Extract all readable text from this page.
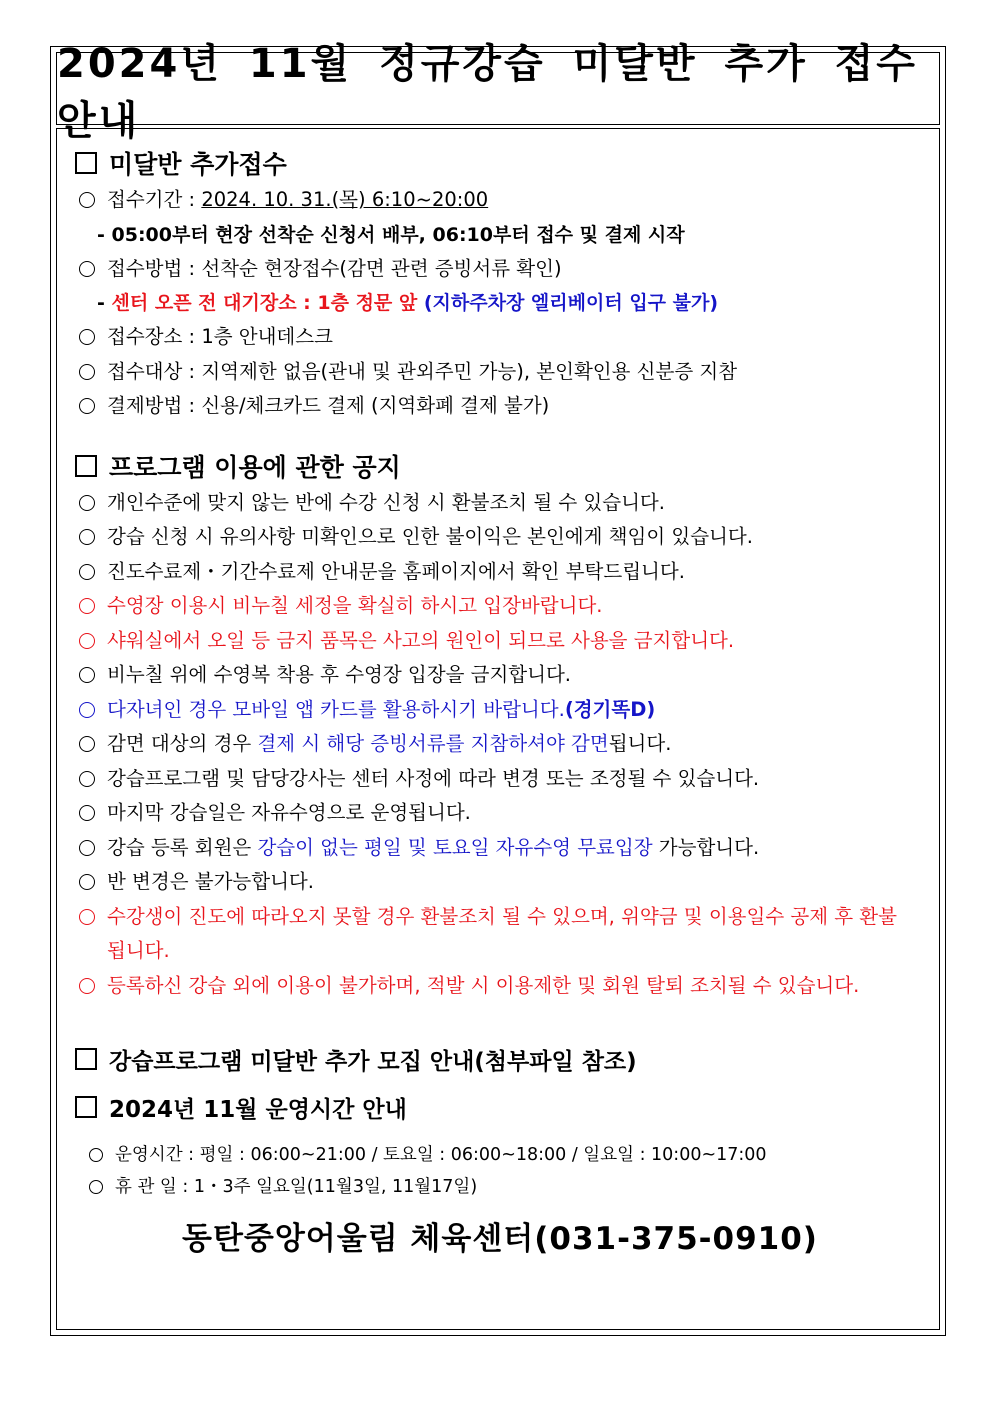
2024년 11월 정규강습 미달반 추가 접수 안내
미달반 추가접수
접수기간 : 2024. 10. 31.(목) 6:10~20:00
- 05:00부터 현장 선착순 신청서 배부, 06:10부터 접수 및 결제 시작
접수방법 : 선착순 현장접수(감면 관련 증빙서류 확인)
- 센터 오픈 전 대기장소 : 1층 정문 앞 (지하주차장 엘리베이터 입구 불가)
접수장소 : 1층 안내데스크
접수대상 : 지역제한 없음(관내 및 관외주민 가능), 본인확인용 신분증 지참
결제방법 : 신용/체크카드 결제 (지역화폐 결제 불가)
프로그램 이용에 관한 공지
개인수준에 맞지 않는 반에 수강 신청 시 환불조치 될 수 있습니다.
강습 신청 시 유의사항 미확인으로 인한 불이익은 본인에게 책임이 있습니다.
진도수료제・기간수료제 안내문을 홈페이지에서 확인 부탁드립니다.
수영장 이용시 비누칠 세정을 확실히 하시고 입장바랍니다.
샤워실에서 오일 등 금지 품목은 사고의 원인이 되므로 사용을 금지합니다.
비누칠 위에 수영복 착용 후 수영장 입장을 금지합니다.
다자녀인 경우 모바일 앱 카드를 활용하시기 바랍니다.(경기똑D)
감면 대상의 경우 결제 시 해당 증빙서류를 지참하셔야 감면됩니다.
강습프로그램 및 담당강사는 센터 사정에 따라 변경 또는 조정될 수 있습니다.
마지막 강습일은 자유수영으로 운영됩니다.
강습 등록 회원은 강습이 없는 평일 및 토요일 자유수영 무료입장 가능합니다.
반 변경은 불가능합니다.
수강생이 진도에 따라오지 못할 경우 환불조치 될 수 있으며, 위약금 및 이용일수 공제 후 환불됩니다.
등록하신 강습 외에 이용이 불가하며, 적발 시 이용제한 및 회원 탈퇴 조치될 수 있습니다.
강습프로그램 미달반 추가 모집 안내(첨부파일 참조)
2024년 11월 운영시간 안내
운영시간 : 평일 : 06:00~21:00 / 토요일 : 06:00~18:00 / 일요일 : 10:00~17:00
휴 관 일 : 1・3주 일요일(11월3일, 11월17일)
동탄중앙어울림 체육센터(031-375-0910)
